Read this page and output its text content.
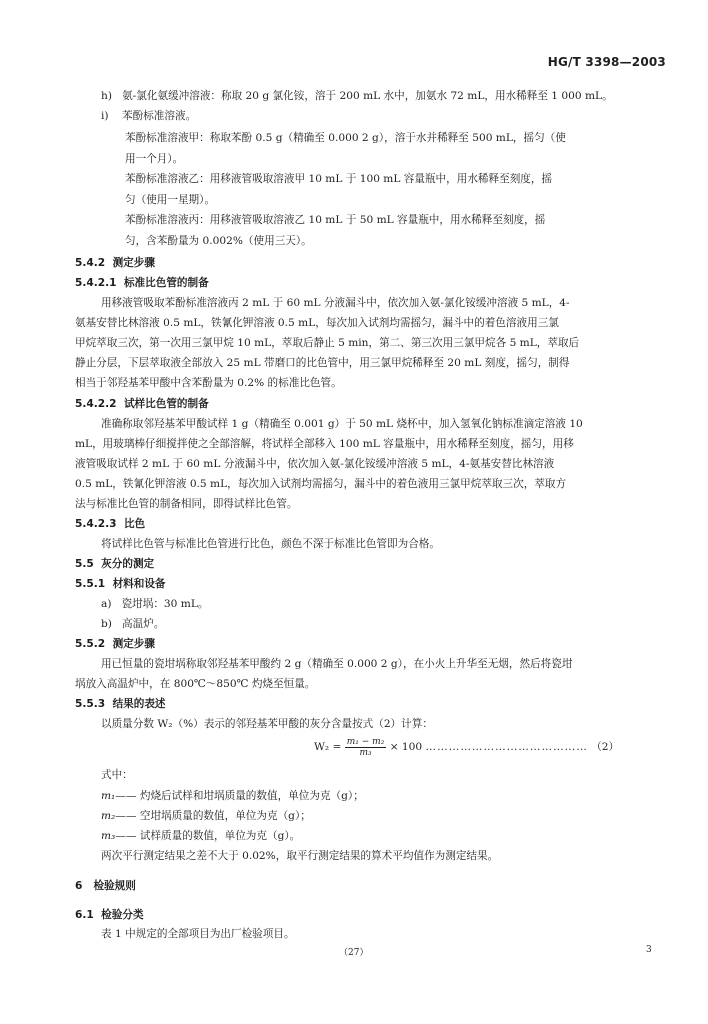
HG/T 3398—2003
h) 氨-氯化氨缓冲溶液：称取 20 g 氯化铵，溶于 200 mL 水中，加氨水 72 mL，用水稀释至 1 000 mL。
i) 苯酚标准溶液。
苯酚标准溶液甲：称取苯酚 0.5 g（精确至 0.000 2 g），溶于水并稀释至 500 mL，摇匀（使
用一个月）。
苯酚标准溶液乙：用移液管吸取溶液甲 10 mL 于 100 mL 容量瓶中，用水稀释至刻度，摇
匀（使用一星期）。
苯酚标准溶液丙：用移液管吸取溶液乙 10 mL 于 50 mL 容量瓶中，用水稀释至刻度，摇
匀，含苯酚量为 0.002%（使用三天）。
5.4.2 测定步骤
5.4.2.1 标准比色管的制备
用移液管吸取苯酚标准溶液丙 2 mL 于 60 mL 分液漏斗中，依次加入氨-氯化铵缓冲溶液 5 mL，4-
氨基安替比林溶液 0.5 mL，铁氰化钾溶液 0.5 mL，每次加入试剂均需摇匀，漏斗中的着色溶液用三氯
甲烷萃取三次，第一次用三氯甲烷 10 mL，萃取后静止 5 min，第二、第三次用三氯甲烷各 5 mL，萃取后
静止分层，下层萃取液全部放入 25 mL 带磨口的比色管中，用三氯甲烷稀释至 20 mL 刻度，摇匀，制得
相当于邻羟基苯甲酸中含苯酚量为 0.2% 的标准比色管。
5.4.2.2 试样比色管的制备
准确称取邻羟基苯甲酸试样 1 g（精确至 0.001 g）于 50 mL 烧杯中，加入氢氧化钠标准滴定溶液 10
mL，用玻璃棒仔细搅拌使之全部溶解，将试样全部移入 100 mL 容量瓶中，用水稀释至刻度，摇匀，用移
液管吸取试样 2 mL 于 60 mL 分液漏斗中，依次加入氨-氯化铵缓冲溶液 5 mL，4-氨基安替比林溶液
0.5 mL，铁氰化钾溶液 0.5 mL，每次加入试剂均需摇匀，漏斗中的着色液用三氯甲烷萃取三次，萃取方
法与标准比色管的制备相同，即得试样比色管。
5.4.2.3 比色
将试样比色管与标准比色管进行比色，颜色不深于标准比色管即为合格。
5.5 灰分的测定
5.5.1 材料和设备
a) 瓷坩埚：30 mL。
b) 高温炉。
5.5.2 测定步骤
用已恒量的瓷坩埚称取邻羟基苯甲酸约 2 g（精确至 0.000 2 g），在小火上升华至无烟，然后将瓷坩
埚放入高温炉中，在 800℃～850℃ 灼烧至恒量。
5.5.3 结果的表述
以质量分数 W₂（%）表示的邻羟基苯甲酸的灰分含量按式（2）计算：
$W_2 = \frac{\text{m₁ − m₂}}{\text{m₃}} \times 100$ …………………………………… （2）
式中：
m₁—— 灼烧后试样和坩埚质量的数值，单位为克（g）；
m₂—— 空坩埚质量的数值，单位为克（g）；
m₃—— 试样质量的数值，单位为克（g）。
两次平行测定结果之差不大于 0.02%，取平行测定结果的算术平均值作为测定结果。
6 检验规则
6.1 检验分类
表 1 中规定的全部项目为出厂检验项目。
（27）	3
